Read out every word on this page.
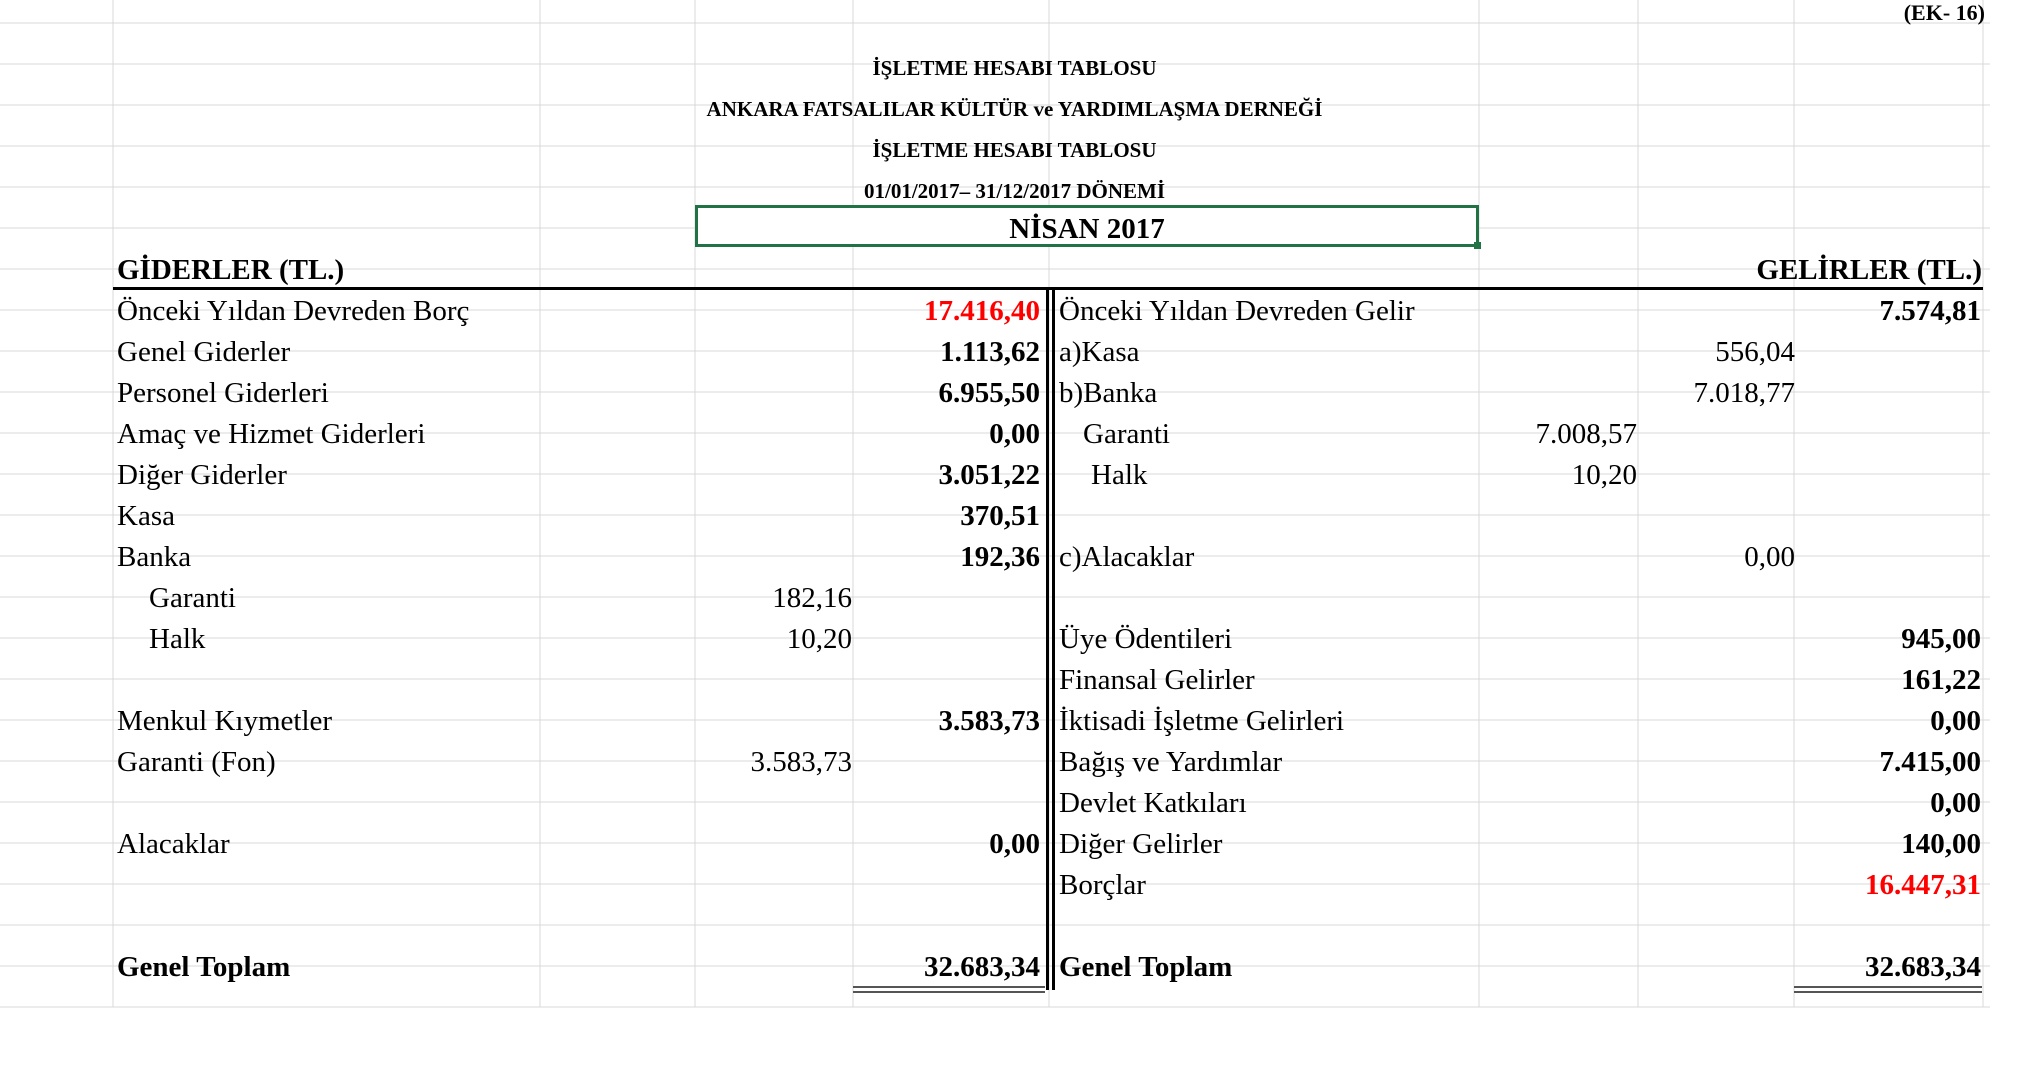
(EK- 16)
İŞLETME HESABI TABLOSU
ANKARA FATSALILAR KÜLTÜR ve YARDIMLAŞMA DERNEĞİ
İŞLETME HESABI TABLOSU
01/01/2017– 31/12/2017 DÖNEMİ
NİSAN 2017
GİDERLER (TL.)	GELİRLER (TL.)
Önceki Yıldan Devreden Borç	17.416,40
Genel Giderler	1.113,62
Personel Giderleri	6.955,50
Amaç ve Hizmet Giderleri	0,00
Diğer Giderler	3.051,22
Kasa	370,51
Banka	192,36
Garanti	182,16
Halk	10,20
Menkul Kıymetler	3.583,73
Garanti (Fon)	3.583,73
Alacaklar	0,00
Genel Toplam	32.683,34
Önceki Yıldan Devreden Gelir	7.574,81
a)Kasa	556,04
b)Banka	7.018,77
Garanti	7.008,57
Halk	10,20
c)Alacaklar	0,00
Üye Ödentileri	945,00
Finansal Gelirler	161,22
İktisadi İşletme Gelirleri	0,00
Bağış ve Yardımlar	7.415,00
Devlet Katkıları	0,00
Diğer Gelirler	140,00
Borçlar	16.447,31
Genel Toplam	32.683,34
